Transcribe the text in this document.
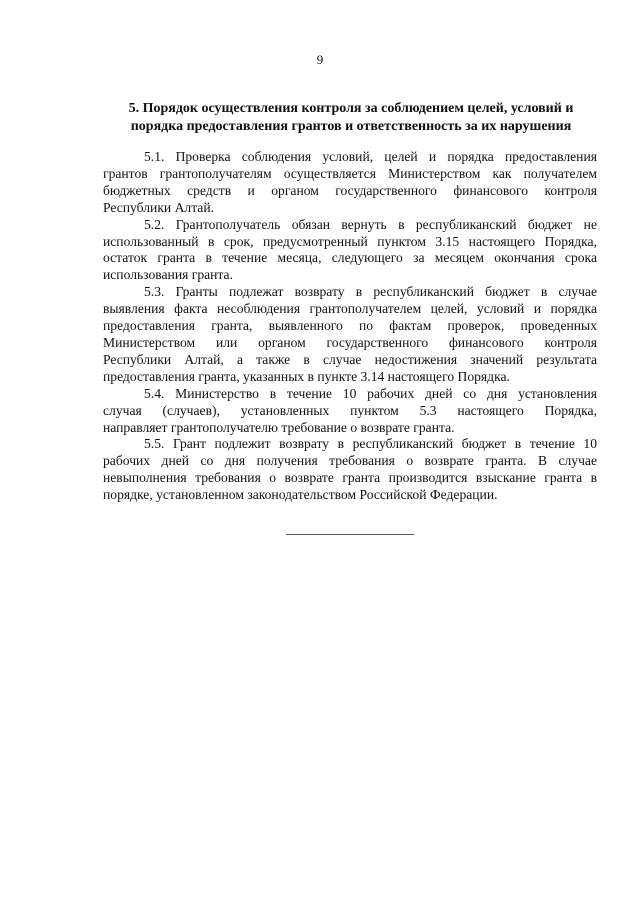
9
5. Порядок осуществления контроля за соблюдением целей, условий и
порядка предоставления грантов и ответственность за их нарушения
5.1. Проверка соблюдения условий, целей и порядка предоставления
грантов грантополучателям осуществляется Министерством как получателем
бюджетных средств и органом государственного финансового контроля
Республики Алтай.
5.2. Грантополучатель обязан вернуть в республиканский бюджет не
использованный в срок, предусмотренный пунктом 3.15 настоящего Порядка,
остаток гранта в течение месяца, следующего за месяцем окончания срока
использования гранта.
5.3. Гранты подлежат возврату в республиканский бюджет в случае
выявления факта несоблюдения грантополучателем целей, условий и порядка
предоставления гранта, выявленного по фактам проверок, проведенных
Министерством или органом государственного финансового контроля
Республики Алтай, а также в случае недостижения значений результата
предоставления гранта, указанных в пункте 3.14 настоящего Порядка.
5.4. Министерство в течение 10 рабочих дней со дня установления
случая (случаев), установленных пунктом 5.3 настоящего Порядка,
направляет грантополучателю требование о возврате гранта.
5.5. Грант подлежит возврату в республиканский бюджет в течение 10
рабочих дней со дня получения требования о возврате гранта. В случае
невыполнения требования о возврате гранта производится взыскание гранта в
порядке, установленном законодательством Российской Федерации.
